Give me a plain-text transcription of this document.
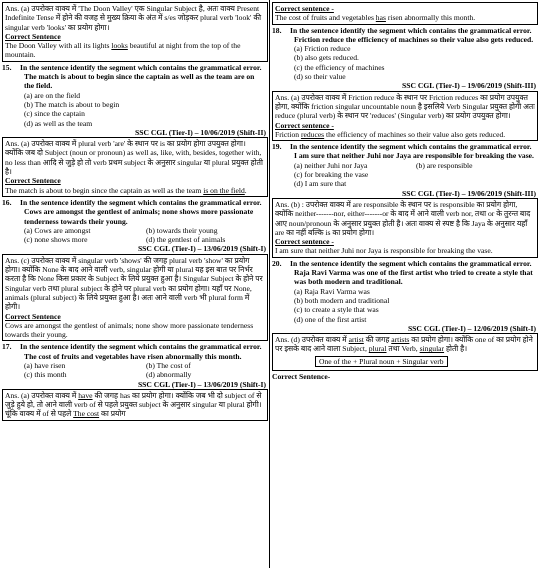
Ans. (a) उपरोक्त वाक्य में 'The Doon Valley' एक Singular Subject है, अतः वाक्य Present Indefinite Tense में होने की वजह से मुख्य क्रिया के अंत में s/es जोड़कर plural verb 'look' की singular verb 'looks' का प्रयोग होगा।
Correct Sentence
The Doon Valley with all its lights looks beautiful at night from the top of the mountain.
15.	In the sentence identify the segment which contains the grammatical error.
The match is about to begin since the captain as well as the team are on the field.
(a) are on the field
(b) The match is about to begin
(c) since the captain
(d) as well as the team
SSC CGL (Tier-I) – 10/06/2019 (Shift-II)
Ans. (a) उपरोक्त वाक्य में plural verb 'are' के स्थान पर is का प्रयोग होगा उपयुक्त होगा। क्योंकि जब दो Subject (noun or pronoun) as well as, like, with, besides, together with, no less than आदि से जुड़े हो तो verb प्रथम subject के अनुसार singular या plural प्रयुक्त होती है।
Correct Sentence
The match is about to begin since the captain as well as the team is on the field.
16.	In the sentence identify the segment which contains the grammatical error.
Cows are amongst the gentlest of animals; none shows more passionate tenderness towards their young.
(a) Cows are amongst	(b) towards their young
(c) none shows more	(d) the gentlest of animals
SSC CGL (Tier-I) – 13/06/2019 (Shift-I)
Ans. (c) उपरोक्त वाक्य में singular verb 'shows' की जगह plural verb 'show' का प्रयोग होगा। क्योंकि None के बाद आने वाली verb, singular होगी या plural यह इस बात पर निर्भर करता है कि None किस प्रकार के Subject के लिये प्रयुक्त हुआ है। Singular Subject के होने पर Singular verb तथा plural subject के होने पर plural verb का प्रयोग होगा। यहाँ पर None, animals (plural subject) के लिये प्रयुक्त हुआ है। अतः आने वाली verb भी plural form में होगी।
Correct Sentence
Cows are amongst the gentlest of animals; none show more passionate tenderness towards their young.
17.	In the sentence identify the segment which contains the grammatical error.
The cost of fruits and vegetables have risen abnormally this month.
(a) have risen	(b) The cost of
(c) this month	(d) abnormally
SSC CGL (Tier-I) – 13/06/2019 (Shift-I)
Ans. (a) उपरोक्त वाक्य में have की जगह has का प्रयोग होगा। क्योंकि जब भी दो subject of से जुड़े हुये हो, तो आने वाली verb of से पहले प्रयुक्त subject के अनुसार singular या plural होगी। चूंकि वाक्य में of से पहले The cost का प्रयोग
Correct sentence -
The cost of fruits and vegetables has risen abnormally this month.
18.	In the sentence identify the segment which contains the grammatical error.
Friction reduce the efficiency of machines so their value also gets reduced.
(a) Friction reduce
(b) also gets reduced.
(c) the efficiency of machines
(d) so their value
SSC CGL (Tier-I) – 19/06/2019 (Shift-III)
Ans. (a) उपरोक्त वाक्य में Friction reduce के स्थान पर Friction reduces का प्रयोग उपयुक्त होगा, क्योंकि friction singular uncountable noun है इसलिये Verb Singular प्रयुक्त होगी अतः reduce (plural verb) के स्थान पर 'reduces' (Singular verb) का प्रयोग उपयुक्त होगा।
Correct sentence -
Friction reduces the efficiency of machines so their value also gets reduced.
19.	In the sentence identify the segment which contains the grammatical error.
I am sure that neither Juhi nor Jaya are responsible for breaking the vase.
(a) neither Juhi nor Jaya	(b) are responsible
(c) for breaking the vase
(d) I am sure that
SSC CGL (Tier-I) – 19/06/2019 (Shift-III)
Ans. (b) : उपरोक्त वाक्य में are responsible के स्थान पर is responsible का प्रयोग होगा, क्योंकि neither-------nor, either-------or के बाद में आने वाली verb nor, तथा or के तुरन्त बाद आए noun/pronoun के अनुसार प्रयुक्त होती है। अतः वाक्य से स्पष्ट है कि Jaya के अनुसार यहाँ are का नहीं बल्कि is का प्रयोग होगा।
Correct sentence -
I am sure that neither Juhi nor Jaya is responsible for breaking the vase.
20.	In the sentence identify the segment which contains the grammatical error.
Raja Ravi Varma was one of the first artist who tried to create a style that was both modern and traditional.
(a) Raja Ravi Varma was
(b) both modern and traditional
(c) to create a style that was
(d) one of the first artist
SSC CGL (Tier-I) – 12/06/2019 (Shift-I)
Ans. (d) उपरोक्त वाक्य में artist की जगह artists का प्रयोग होगा। क्योंकि one of का प्रयोग होने पर इसके बाद आने वाला Subject, plural तथा Verb, singular होती है।
One of the + Plural noun + Singular verb
Correct Sentence-
